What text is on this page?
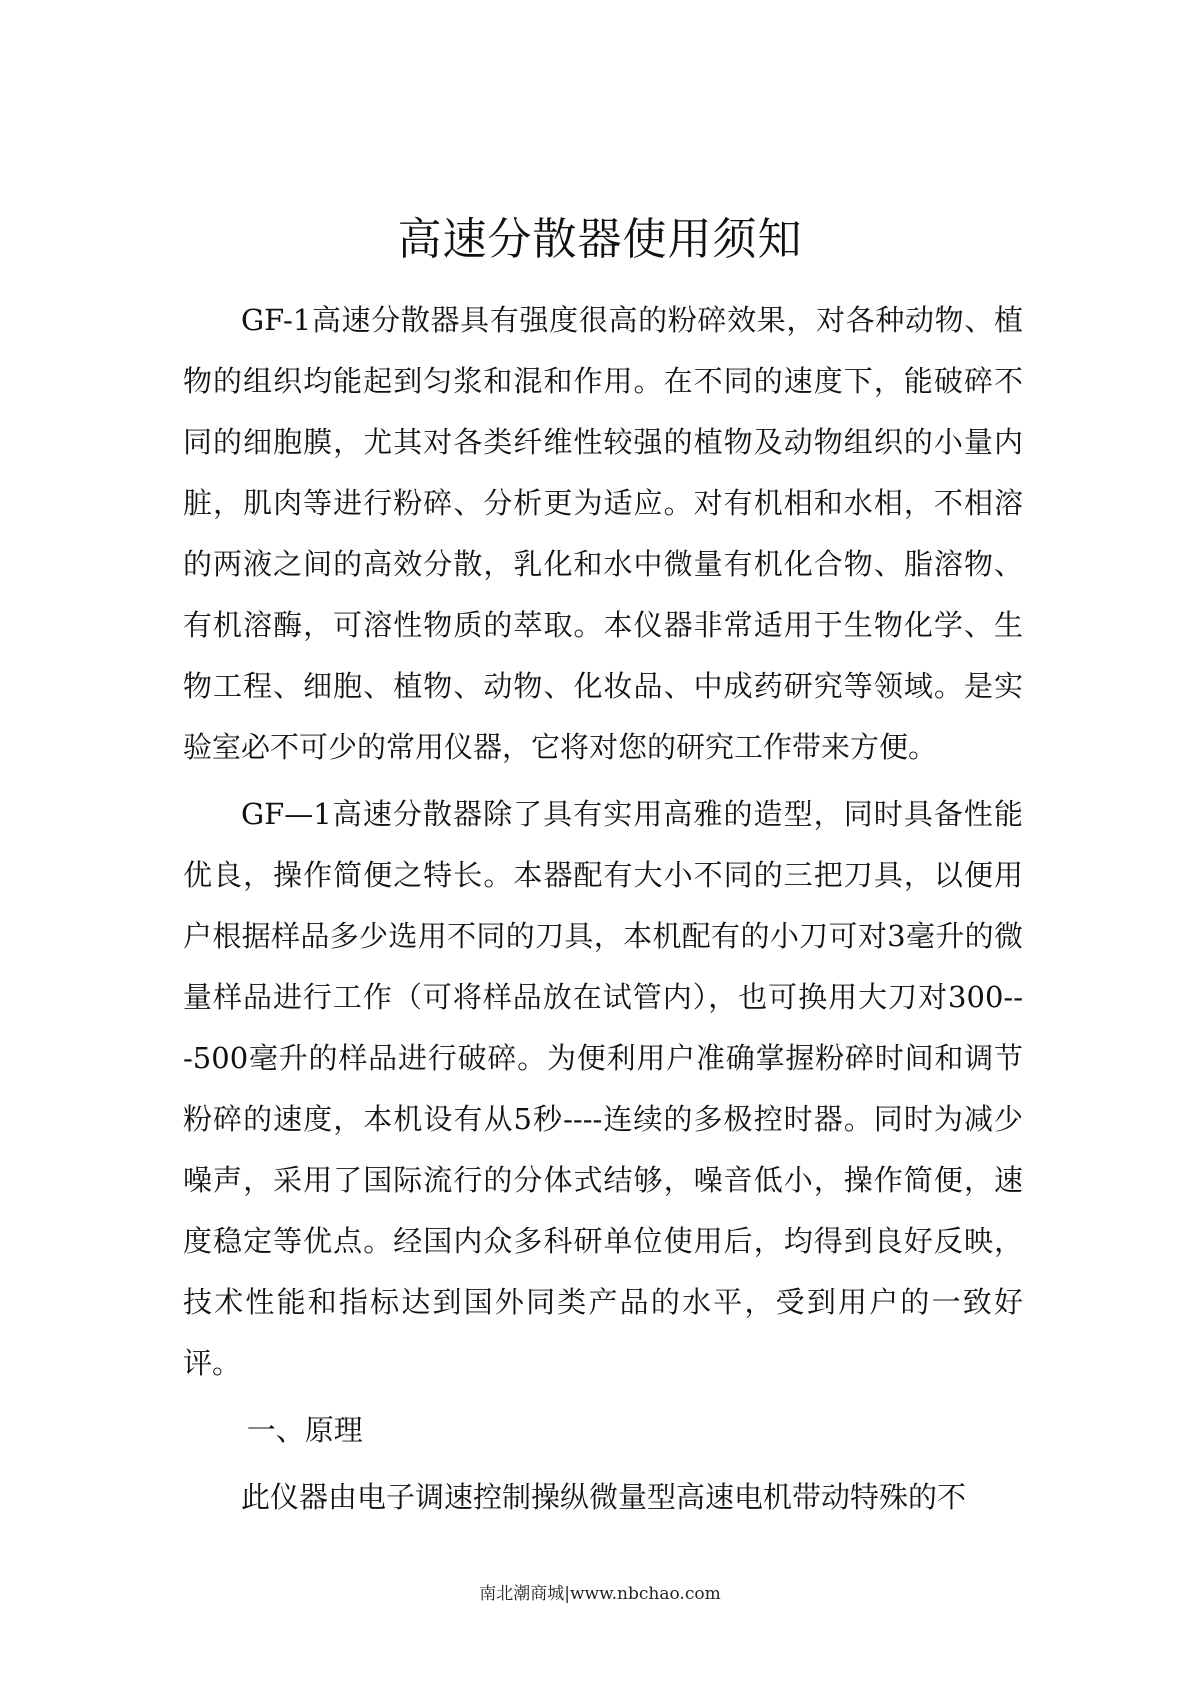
高速分散器使用须知

GF-1高速分散器具有强度很高的粉碎效果，对各种动物、植物的组织均能起到匀浆和混和作用。在不同的速度下，能破碎不同的细胞膜，尤其对各类纤维性较强的植物及动物组织的小量内脏，肌肉等进行粉碎、分析更为适应。对有机相和水相，不相溶的两液之间的高效分散，乳化和水中微量有机化合物、脂溶物、有机溶酶，可溶性物质的萃取。本仪器非常适用于生物化学、生物工程、细胞、植物、动物、化妆品、中成药研究等领域。是实验室必不可少的常用仪器，它将对您的研究工作带来方便。

GF—1高速分散器除了具有实用高雅的造型，同时具备性能优良，操作简便之特长。本器配有大小不同的三把刀具，以便用户根据样品多少选用不同的刀具，本机配有的小刀可对3毫升的微量样品进行工作（可将样品放在试管内），也可换用大刀对300---500毫升的样品进行破碎。为便利用户准确掌握粉碎时间和调节粉碎的速度，本机设有从5秒----连续的多极控时器。同时为减少噪声，采用了国际流行的分体式结够，噪音低小，操作简便，速度稳定等优点。经国内众多科研单位使用后，均得到良好反映，技术性能和指标达到国外同类产品的水平，受到用户的一致好评。

一、原理

此仪器由电子调速控制操纵微量型高速电机带动特殊的不

南北潮商城|www.nbchao.com
